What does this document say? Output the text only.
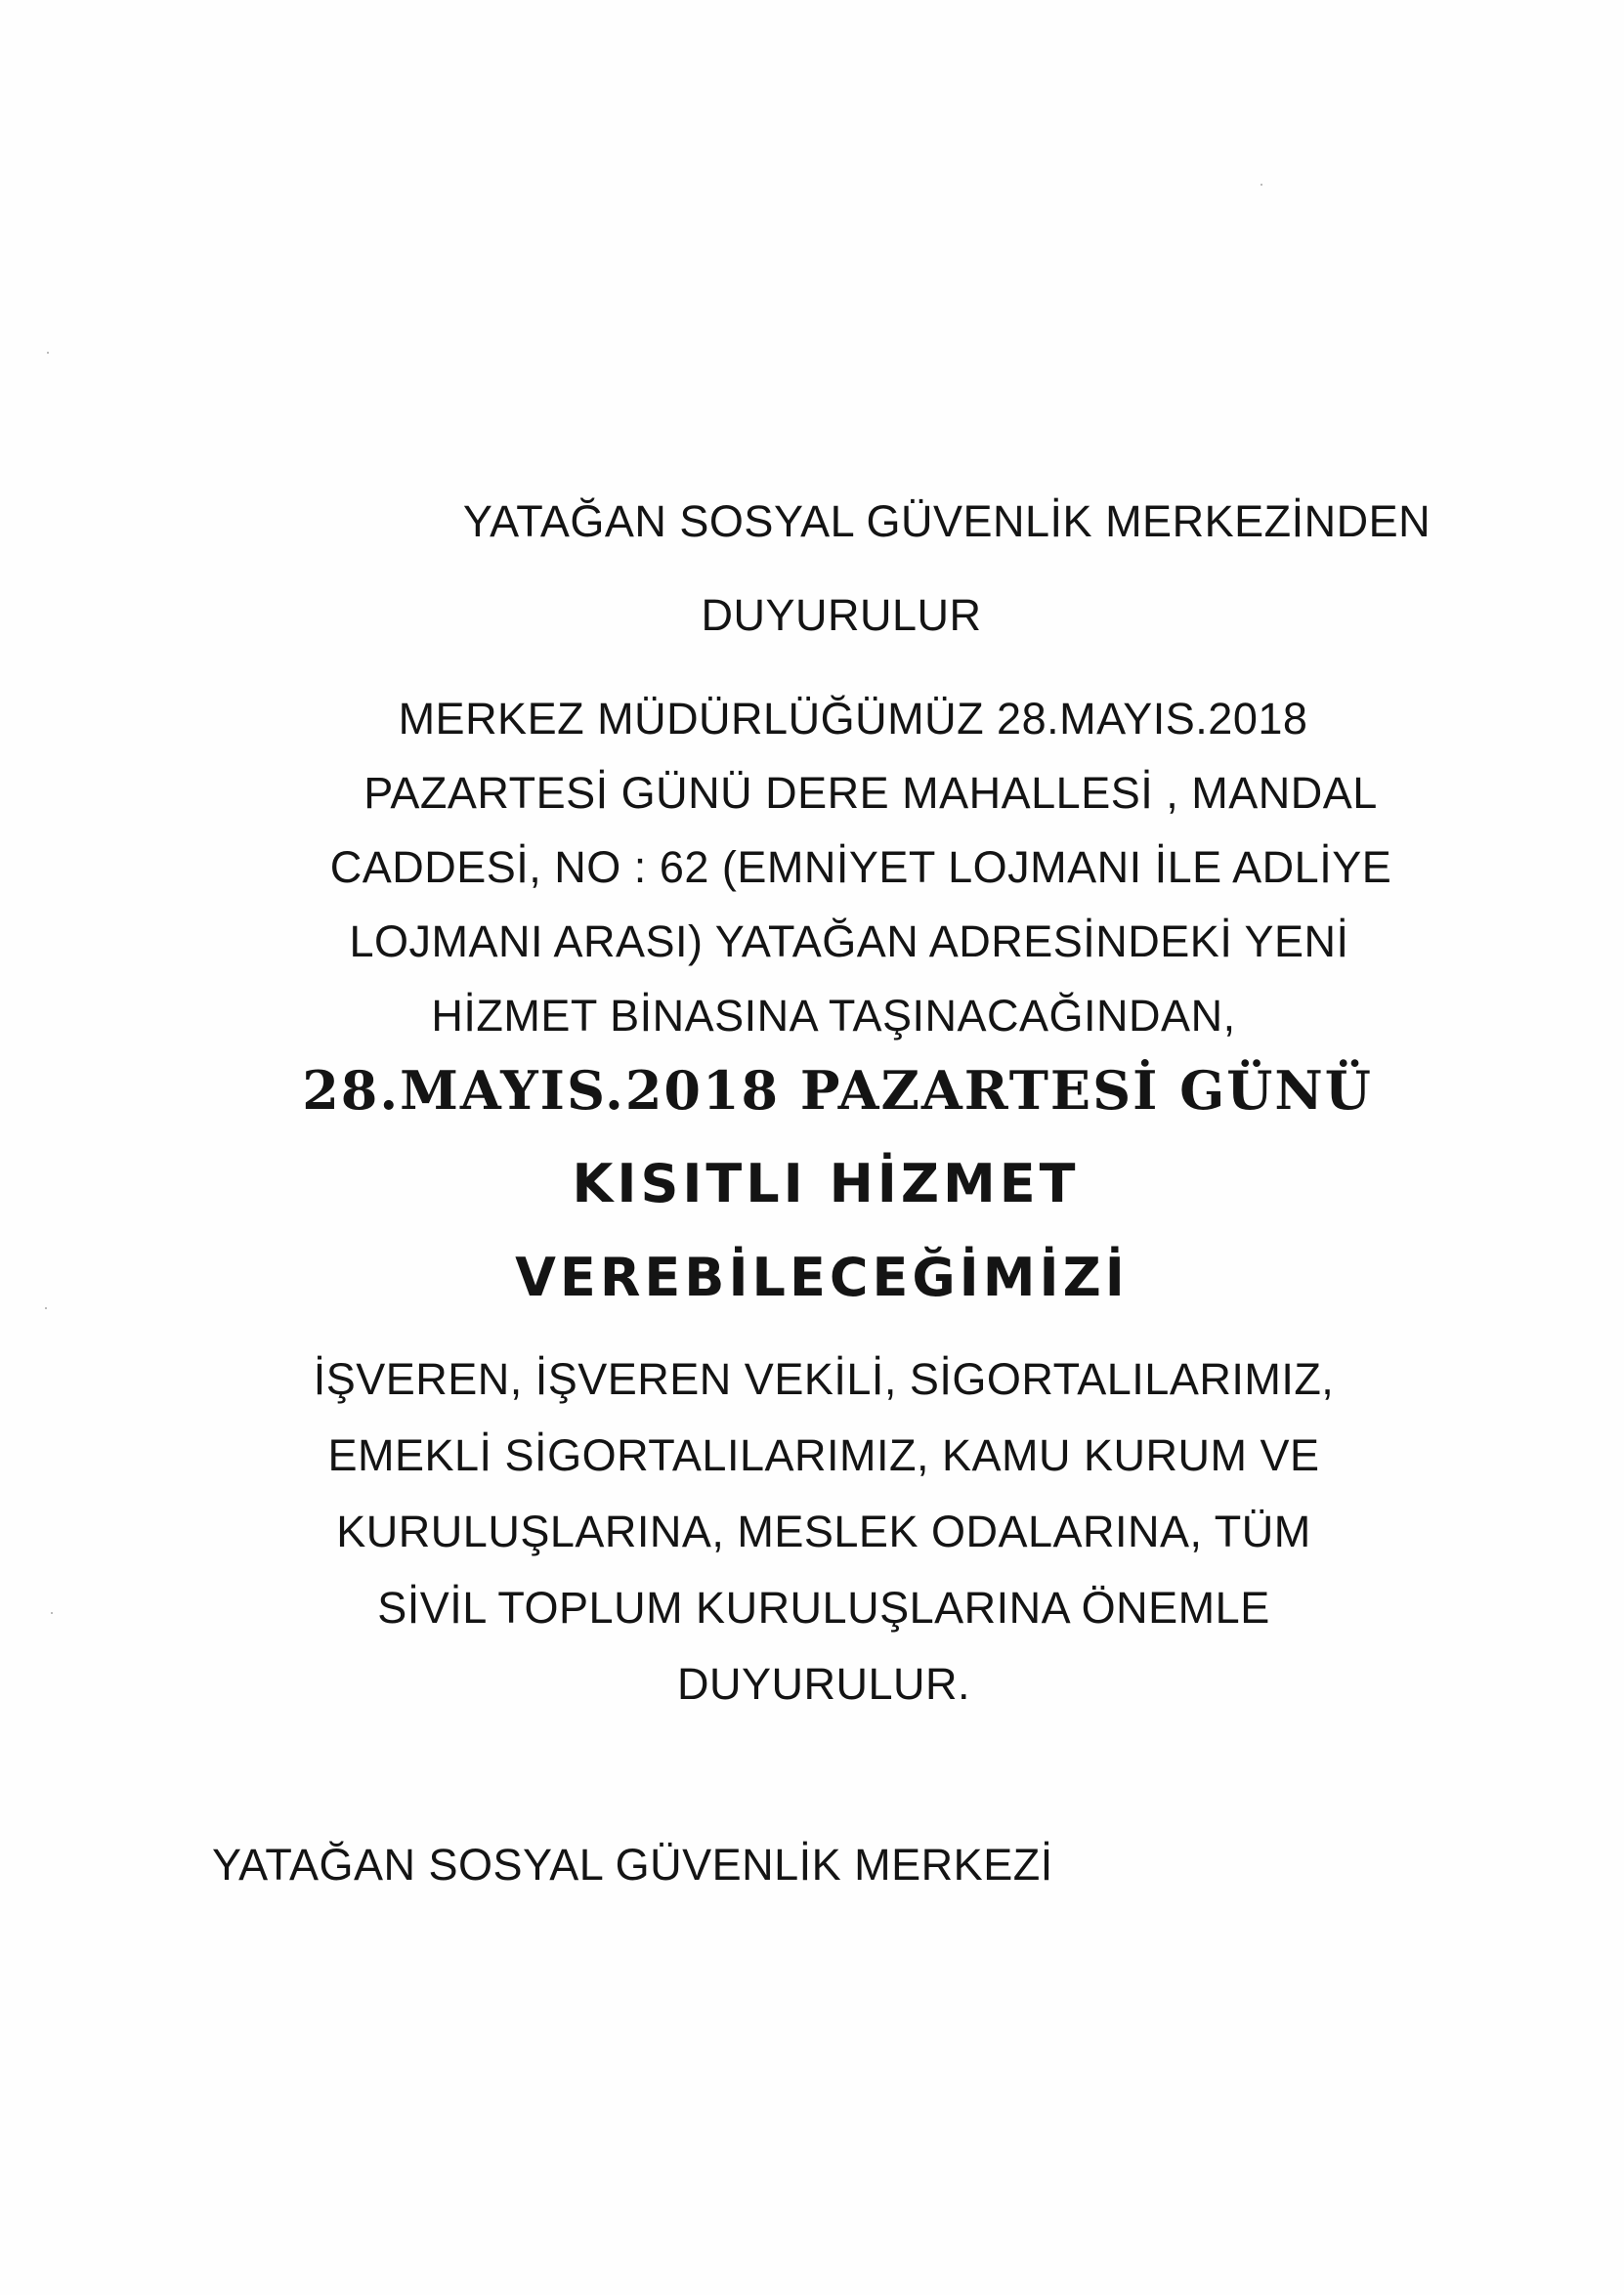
YATAĞAN SOSYAL GÜVENLİK MERKEZİNDEN
DUYURULUR
MERKEZ MÜDÜRLÜĞÜMÜZ 28.MAYIS.2018
PAZARTESİ GÜNÜ DERE MAHALLESİ , MANDAL
CADDESİ, NO : 62 (EMNİYET LOJMANI İLE ADLİYE
LOJMANI ARASI) YATAĞAN ADRESİNDEKİ YENİ
HİZMET BİNASINA TAŞINACAĞINDAN,
28.MAYIS.2018 PAZARTESİ GÜNÜ
KISITLI HİZMET
VEREBİLECEĞİMİZİ
İŞVEREN, İŞVEREN VEKİLİ, SİGORTALILARIMIZ,
EMEKLİ SİGORTALILARIMIZ, KAMU KURUM VE
KURULUŞLARINA, MESLEK ODALARINA, TÜM
SİVİL TOPLUM KURULUŞLARINA ÖNEMLE
DUYURULUR.
YATAĞAN SOSYAL GÜVENLİK MERKEZİ
